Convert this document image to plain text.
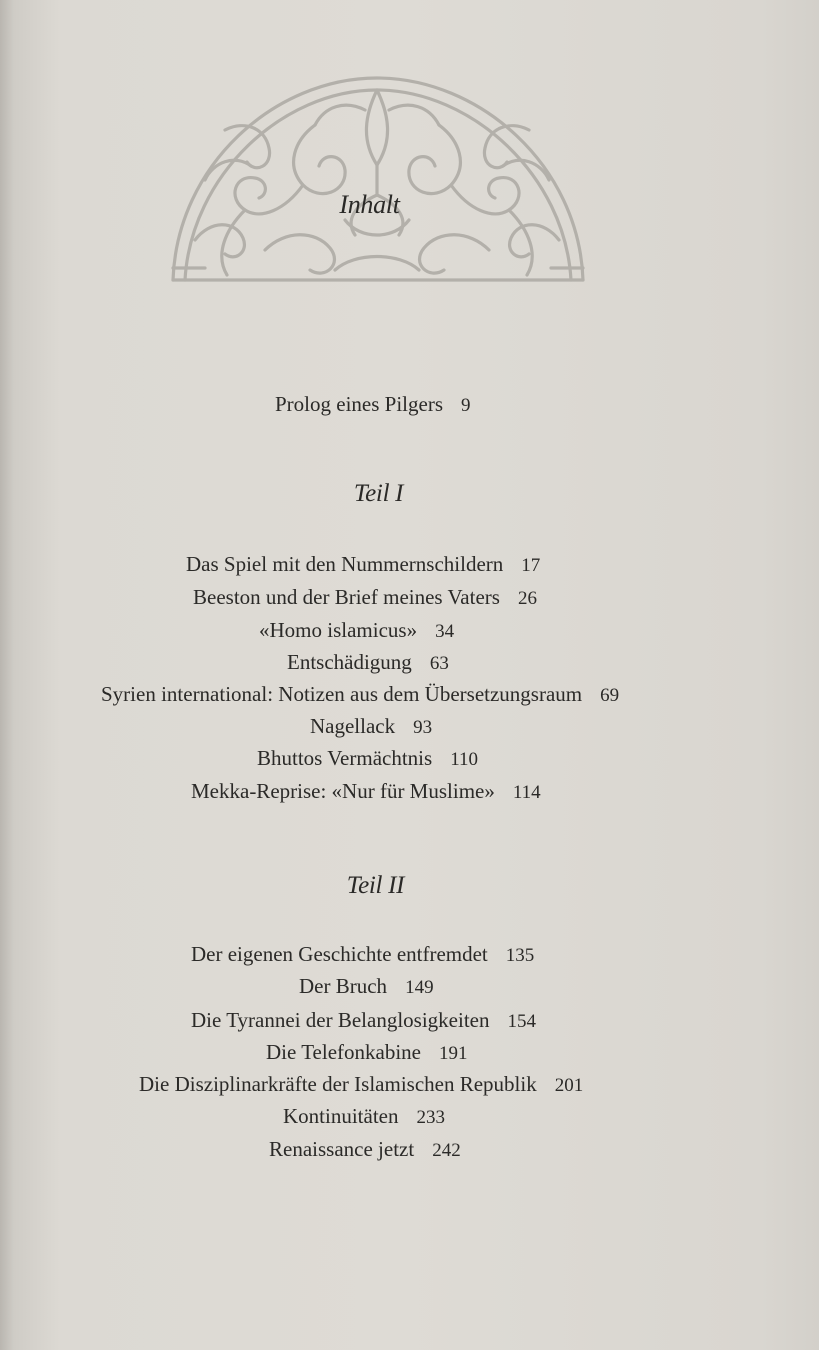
Inhalt

Prolog eines Pilgers 9
Teil I
Das Spiel mit den Nummernschildern 17
Beeston und der Brief meines Vaters 26
«Homo islamicus» 34
Entschädigung 63
Syrien international: Notizen aus dem Übersetzungsraum 69
Nagellack 93
Bhuttos Vermächtnis 110
Mekka-Reprise: «Nur für Muslime» 114
Teil II
Der eigenen Geschichte entfremdet 135
Der Bruch 149
Die Tyrannei der Belanglosigkeiten 154
Die Telefonkabine 191
Die Disziplinarkräfte der Islamischen Republik 201
Kontinuitäten 233
Renaissance jetzt 242
